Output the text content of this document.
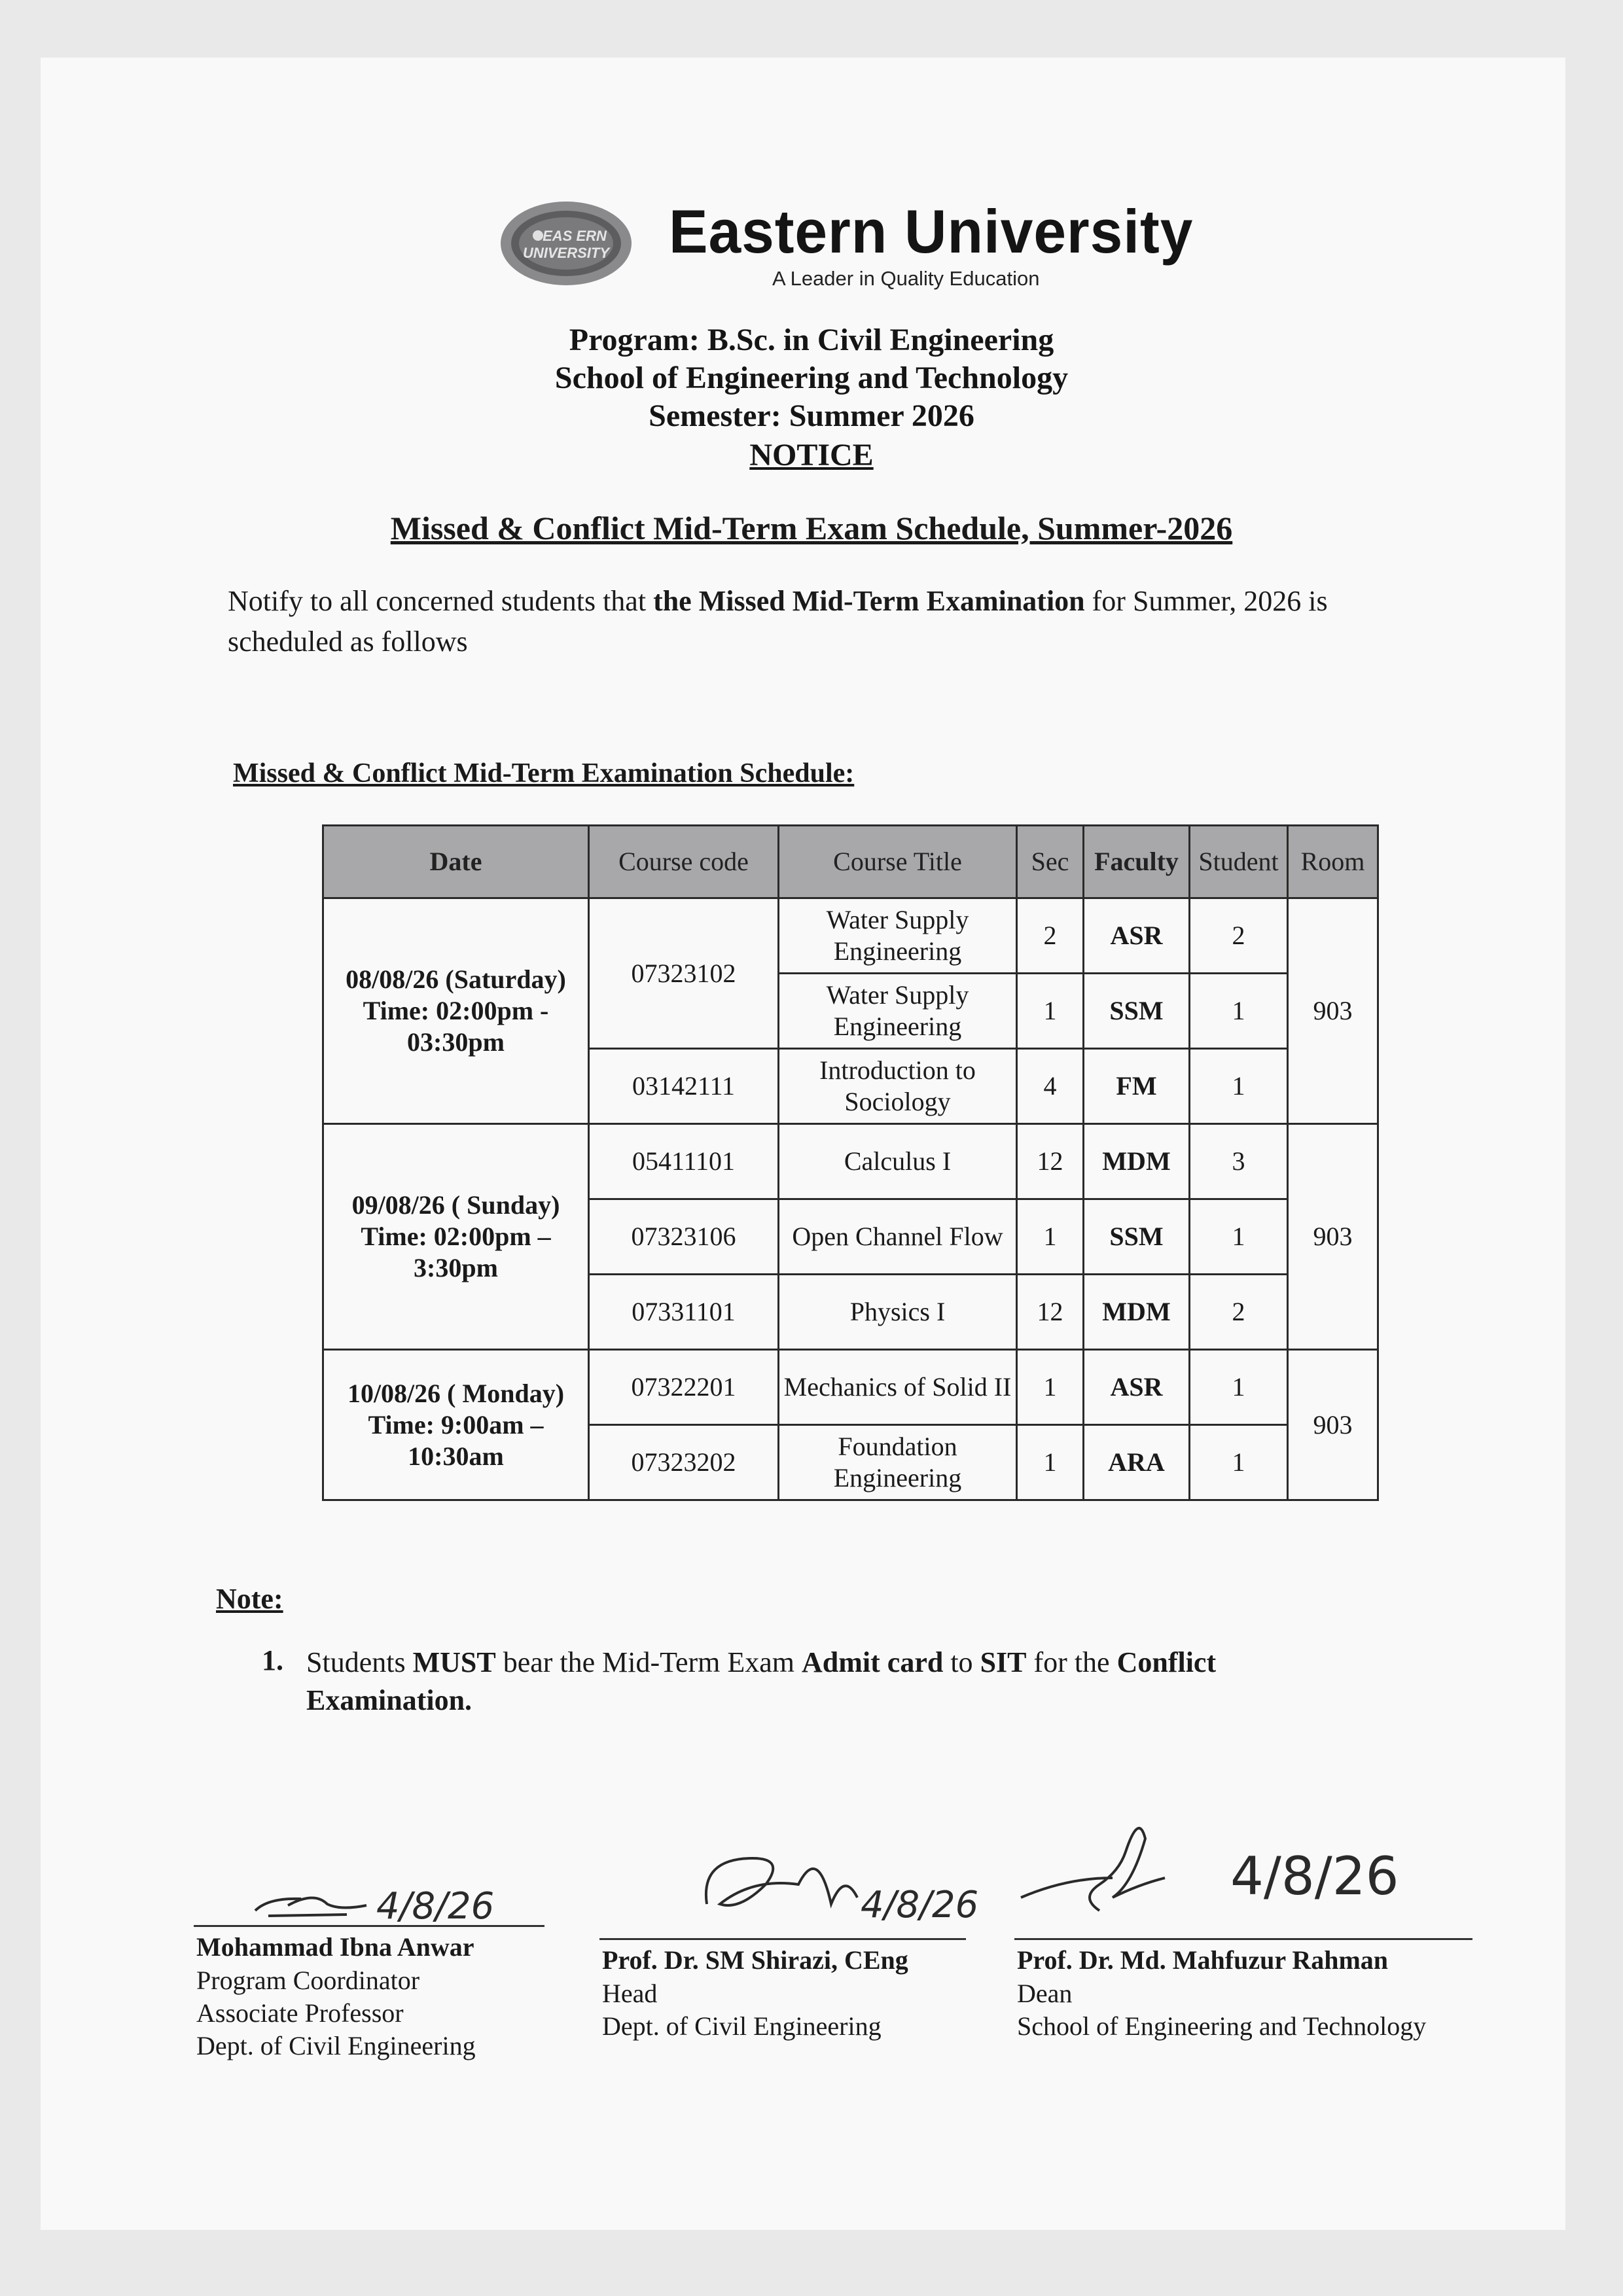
EAS ERN
UNIVERSITY Eastern University
A Leader in Quality Education
Program: B.Sc. in Civil Engineering
School of Engineering and Technology
Semester: Summer 2026
NOTICE
Missed & Conflict Mid-Term Exam Schedule, Summer-2026
Notify to all concerned students that the Missed Mid-Term Examination for Summer, 2026 is scheduled as follows
Missed & Conflict Mid-Term Examination Schedule:
Date	Course code	Course Title	Sec	Faculty	Student	Room

08/08/26 (Saturday)
Time: 02:00pm - 03:30pm	07323102	Water Supply Engineering	2	ASR	2	903
		Water Supply Engineering	1	SSM	1	
	03142111	Introduction to Sociology	4	FM	1	

09/08/26 ( Sunday)
Time: 02:00pm – 3:30pm	05411101	Calculus I	12	MDM	3	903
	07323106	Open Channel Flow	1	SSM	1	
	07331101	Physics I	12	MDM	2	

10/08/26 ( Monday)
Time: 9:00am – 10:30am	07322201	Mechanics of Solid II	1	ASR	1	903
	07323202	Foundation Engineering	1	ARA	1	
Note:
1. Students MUST bear the Mid-Term Exam Admit card to SIT for the Conflict Examination.
4/8/26
Mohammad Ibna Anwar
Program Coordinator
Associate Professor
Dept. of Civil Engineering
4/8/26
Prof. Dr. SM Shirazi, CEng
Head
Dept. of Civil Engineering
4/8/26
Prof. Dr. Md. Mahfuzur Rahman
Dean
School of Engineering and Technology
